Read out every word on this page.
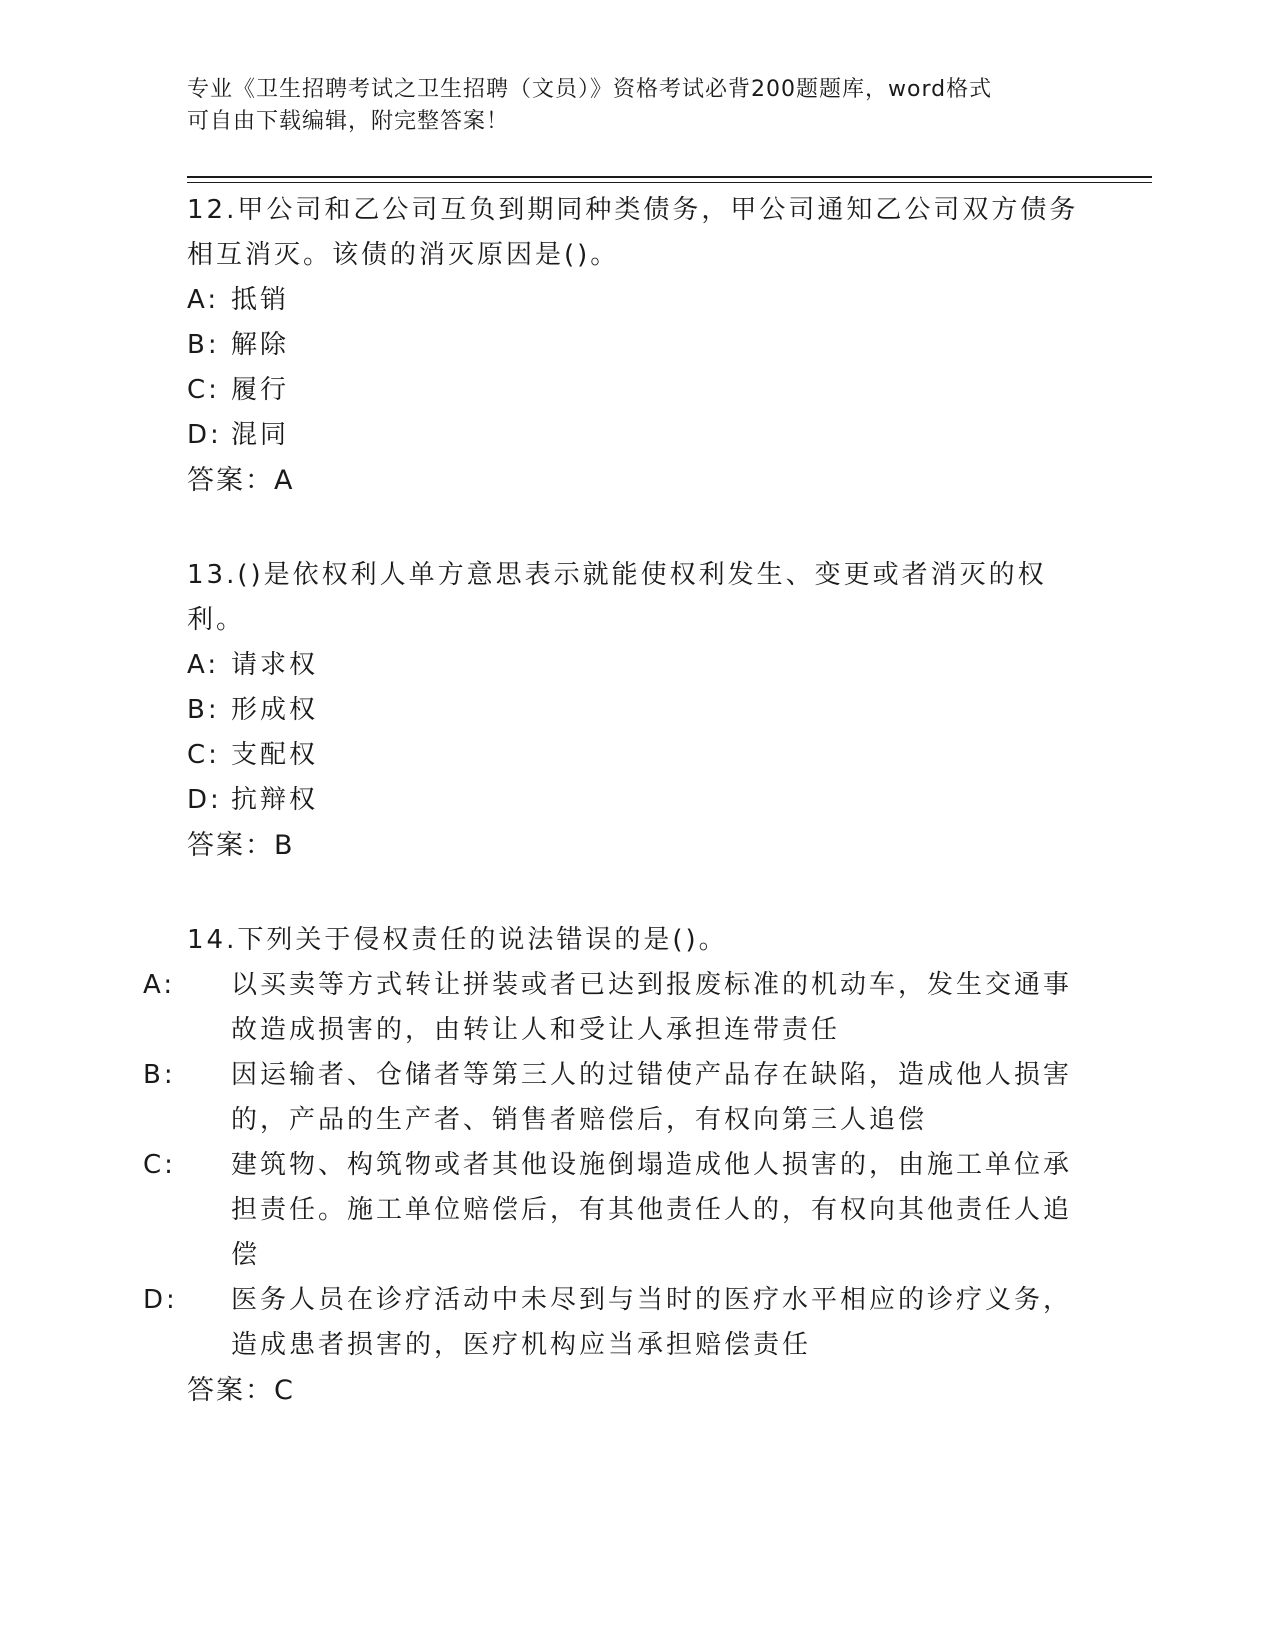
专业《卫生招聘考试之卫生招聘（文员）》资格考试必背200题题库，word格式
可自由下载编辑，附完整答案！

12.甲公司和乙公司互负到期同种类债务，甲公司通知乙公司双方债务相互消灭。该债的消灭原因是()。

A: 抵销

B: 解除

C: 履行

D: 混同

答案：A

13.()是依权利人单方意思表示就能使权利发生、变更或者消灭的权利。

A: 请求权

B: 形成权

C: 支配权

D: 抗辩权

答案：B

14.下列关于侵权责任的说法错误的是()。

A: 以买卖等方式转让拼装或者已达到报废标准的机动车，发生交通事故造成损害的，由转让人和受让人承担连带责任

B: 因运输者、仓储者等第三人的过错使产品存在缺陷，造成他人损害的，产品的生产者、销售者赔偿后，有权向第三人追偿

C: 建筑物、构筑物或者其他设施倒塌造成他人损害的，由施工单位承担责任。施工单位赔偿后，有其他责任人的，有权向其他责任人追偿

D: 医务人员在诊疗活动中未尽到与当时的医疗水平相应的诊疗义务，造成患者损害的，医疗机构应当承担赔偿责任

答案：C
